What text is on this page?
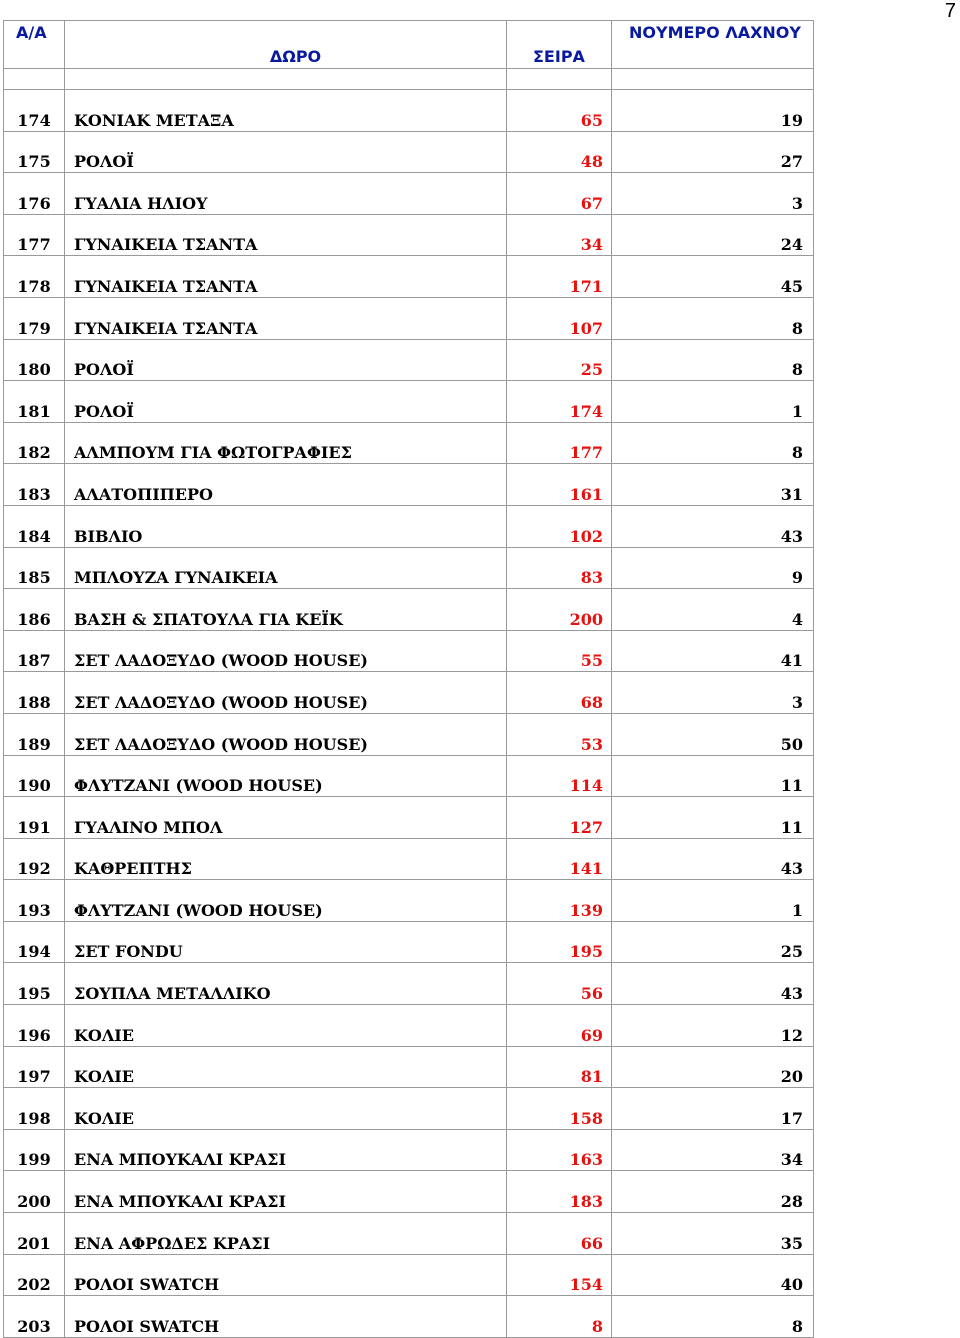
7
Α/Α	ΔΩΡΟ	ΣΕΙΡΑ	ΝΟΥΜΕΡΟ ΛΑΧΝΟΥ

174	ΚΟΝΙΑΚ ΜΕΤΑΞΑ	65	19
175	ΡΟΛΟΪ	48	27
176	ΓΥΑΛΙΑ ΗΛΙΟΥ	67	3
177	ΓΥΝΑΙΚΕΙΑ ΤΣΑΝΤΑ	34	24
178	ΓΥΝΑΙΚΕΙΑ ΤΣΑΝΤΑ	171	45
179	ΓΥΝΑΙΚΕΙΑ ΤΣΑΝΤΑ	107	8
180	ΡΟΛΟΪ	25	8
181	ΡΟΛΟΪ	174	1
182	ΑΛΜΠΟΥΜ ΓΙΑ ΦΩΤΟΓΡΑΦΙΕΣ	177	8
183	ΑΛΑΤΟΠΙΠΕΡΟ	161	31
184	ΒΙΒΛΙΟ	102	43
185	ΜΠΛΟΥΖΑ ΓΥΝΑΙΚΕΙΑ	83	9
186	ΒΑΣΗ & ΣΠΑΤΟΥΛΑ ΓΙΑ ΚΕΪΚ	200	4
187	ΣΕΤ ΛΑΔΟΞΥΔΟ (WOOD HOUSE)	55	41
188	ΣΕΤ ΛΑΔΟΞΥΔΟ (WOOD HOUSE)	68	3
189	ΣΕΤ ΛΑΔΟΞΥΔΟ (WOOD HOUSE)	53	50
190	ΦΛΥΤΖΑΝΙ (WOOD HOUSE)	114	11
191	ΓΥΑΛΙΝΟ ΜΠΟΛ	127	11
192	ΚΑΘΡΕΠΤΗΣ	141	43
193	ΦΛΥΤΖΑΝΙ (WOOD HOUSE)	139	1
194	ΣΕΤ FONDU	195	25
195	ΣΟΥΠΛΑ ΜΕΤΑΛΛΙΚΟ	56	43
196	ΚΟΛΙΕ	69	12
197	ΚΟΛΙΕ	81	20
198	ΚΟΛΙΕ	158	17
199	ΕΝΑ ΜΠΟΥΚΑΛΙ ΚΡΑΣΙ	163	34
200	ΕΝΑ ΜΠΟΥΚΑΛΙ ΚΡΑΣΙ	183	28
201	ΕΝΑ ΑΦΡΩΔΕΣ ΚΡΑΣΙ	66	35
202	ΡΟΛΟΙ SWATCH	154	40
203	ΡΟΛΟΙ SWATCH	8	8
